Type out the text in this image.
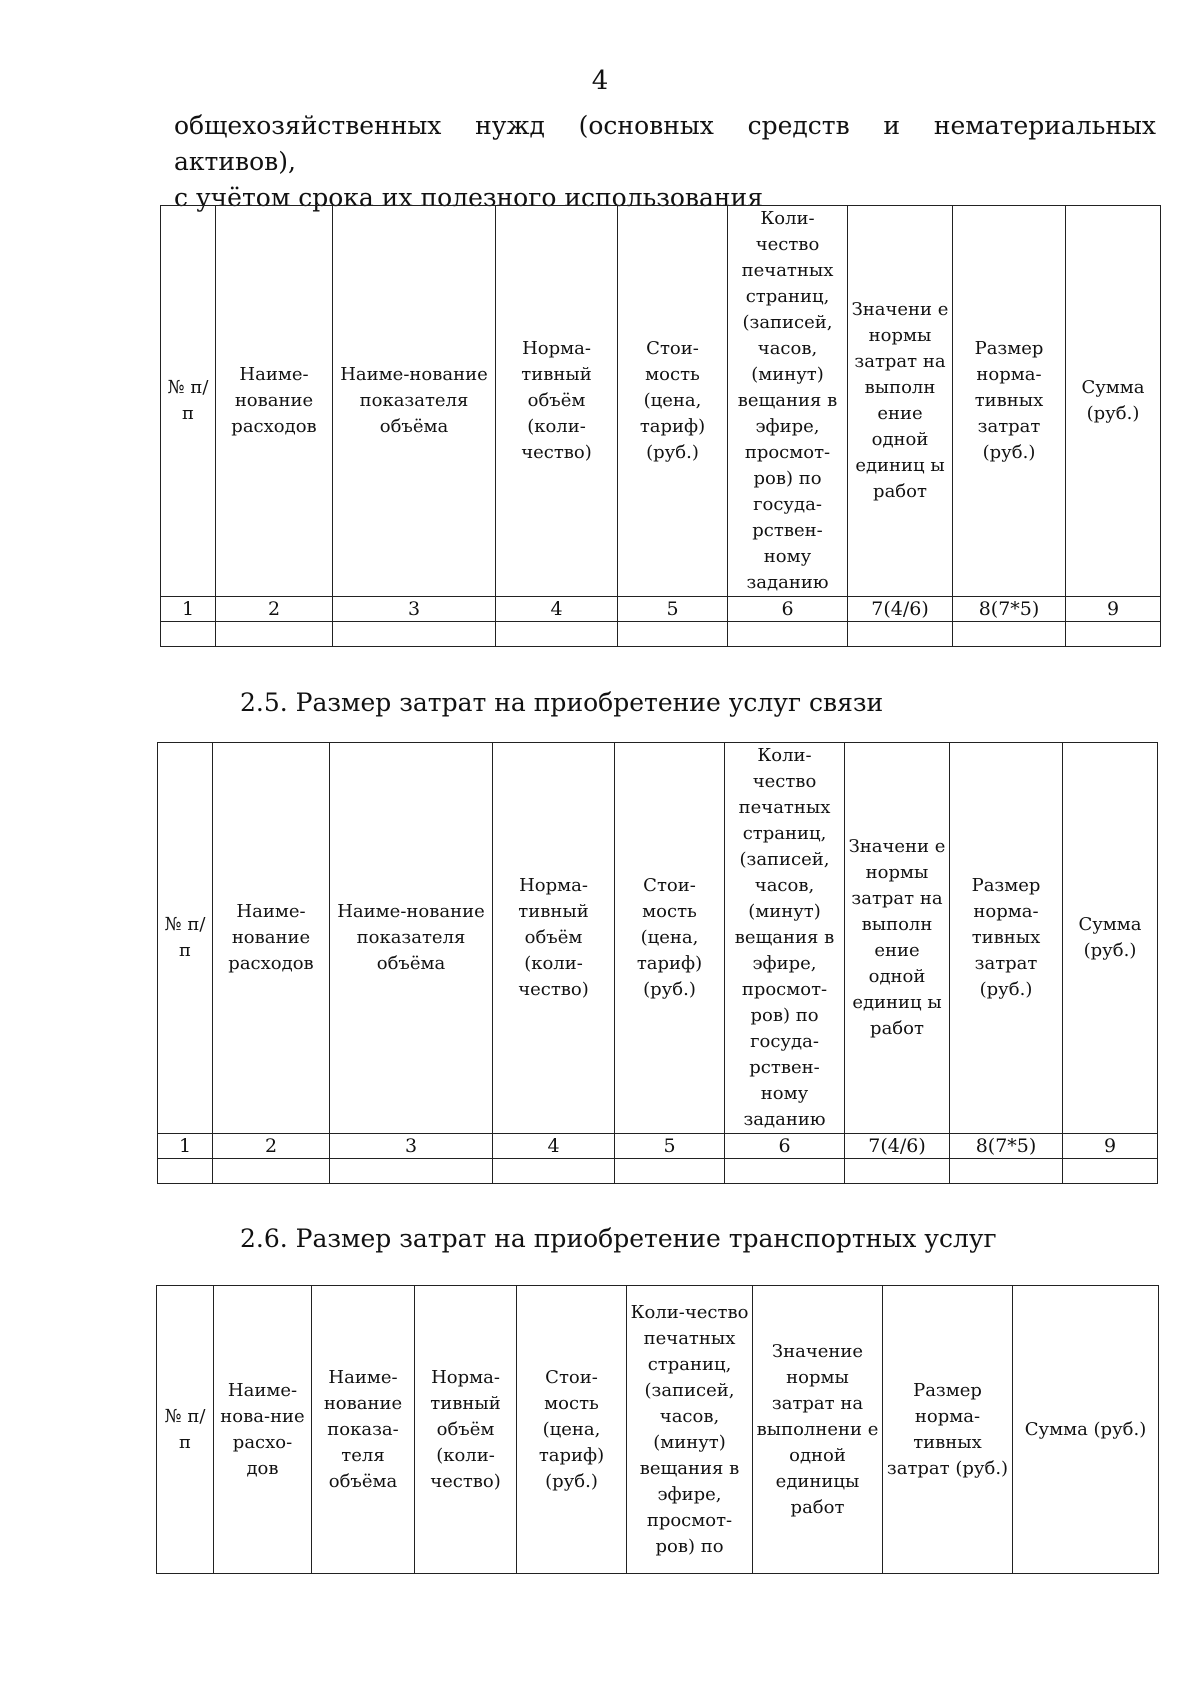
4
общехозяйственных нужд (основных средств и нематериальных активов),
с учётом срока их полезного использования
№ п/п	Наиме-нование расходов	Наиме-нование показателя объёма	Норма-тивный объём (коли-чество)	Стои-мость (цена, тариф) (руб.)	Коли-чество печатных страниц, (записей, часов, (минут) вещания в эфире, просмот-ров) по госуда-рствен-ному заданию	Значени е нормы затрат на выполн ение одной единиц ы работ	Размер норма-тивных затрат (руб.)	Сумма (руб.)
1	2	3	4	5	6	7(4/6)	8(7*5)	9

2.5. Размер затрат на приобретение услуг связи
№ п/п	Наиме-нование расходов	Наиме-нование показателя объёма	Норма-тивный объём (коли-чество)	Стои-мость (цена, тариф) (руб.)	Коли-чество печатных страниц, (записей, часов, (минут) вещания в эфире, просмот-ров) по госуда-рствен-ному заданию	Значени е нормы затрат на выполн ение одной единиц ы работ	Размер норма-тивных затрат (руб.)	Сумма (руб.)
1	2	3	4	5	6	7(4/6)	8(7*5)	9

2.6. Размер затрат на приобретение транспортных услуг
№ п/п	Наиме-нова-ние расхо-дов	Наиме-нование показа-теля объёма	Норма-тивный объём (коли-чество)	Стои-мость (цена, тариф) (руб.)	Коли-чество печатных страниц, (записей, часов, (минут) вещания в эфире, просмот-ров) по	Значение нормы затрат на выполнени е одной единицы работ	Размер норма-тивных затрат (руб.)	Сумма (руб.)
